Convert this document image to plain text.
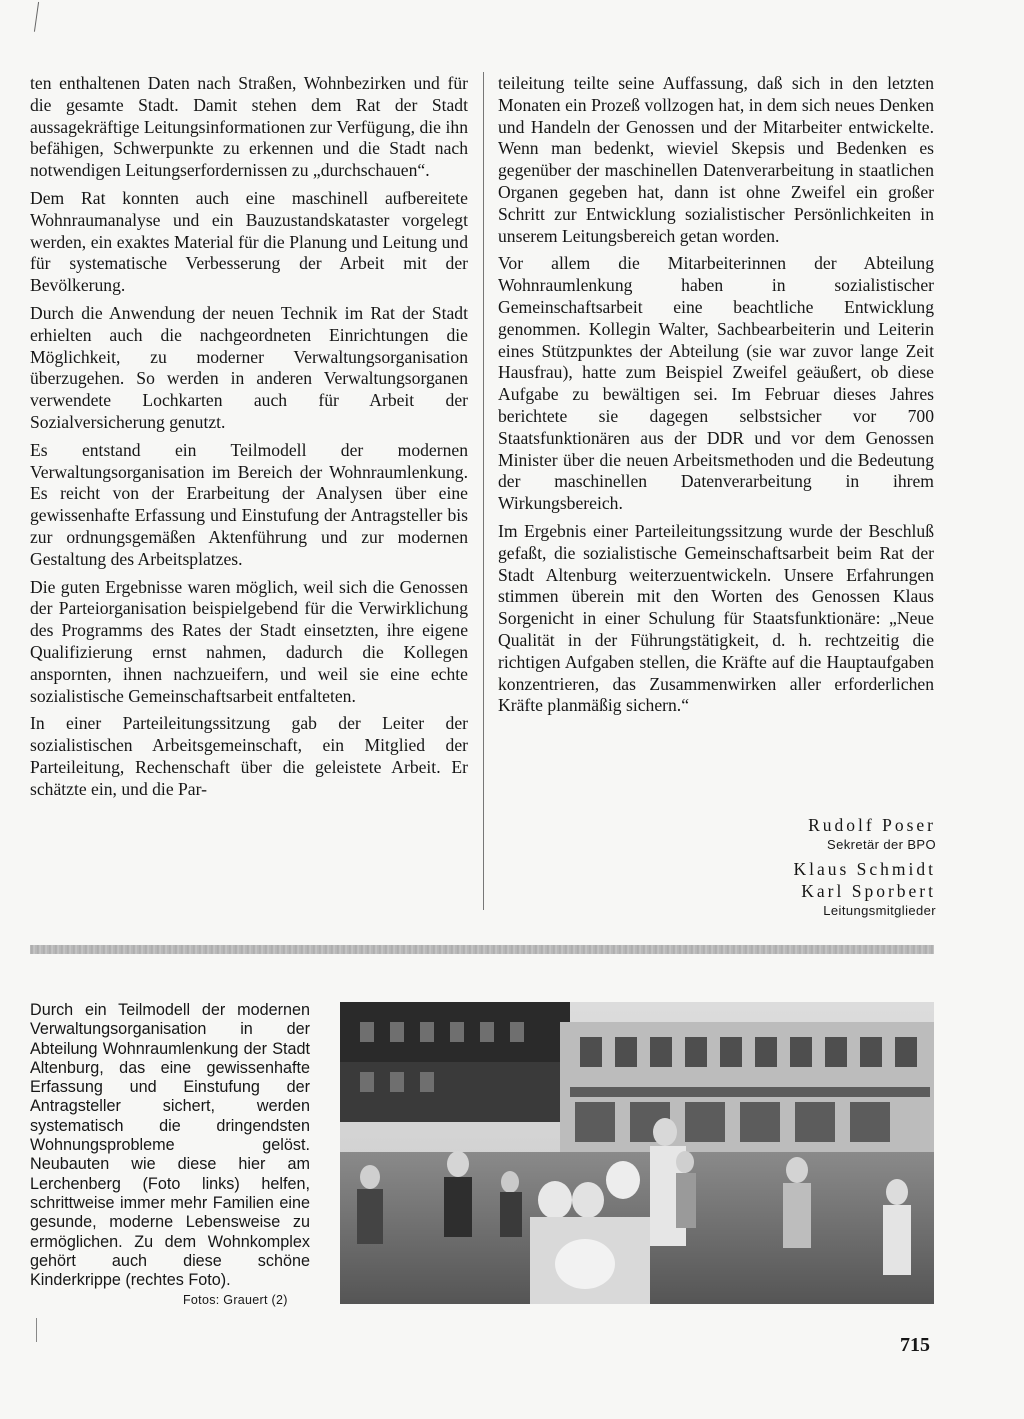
ten enthaltenen Daten nach Straßen, Wohnbezirken und für die gesamte Stadt. Damit stehen dem Rat der Stadt aussagekräftige Leitungsinformationen zur Verfügung, die ihn befähigen, Schwerpunkte zu erkennen und die Stadt nach notwendigen Leitungserfordernissen zu „durchschauen“.

Dem Rat konnten auch eine maschinell aufbereitete Wohnraumanalyse und ein Bauzustandskataster vorgelegt werden, ein exaktes Material für die Planung und Leitung und für systematische Verbesserung der Arbeit mit der Bevölkerung.

Durch die Anwendung der neuen Technik im Rat der Stadt erhielten auch die nachgeordneten Einrichtungen die Möglichkeit, zu moderner Verwaltungsorganisation überzugehen. So werden in anderen Verwaltungsorganen verwendete Lochkarten auch für Arbeit der Sozialversicherung genutzt.

Es entstand ein Teilmodell der modernen Verwaltungsorganisation im Bereich der Wohnraumlenkung. Es reicht von der Erarbeitung der Analysen über eine gewissenhafte Erfassung und Einstufung der Antragsteller bis zur ordnungsgemäßen Aktenführung und zur modernen Gestaltung des Arbeitsplatzes.

Die guten Ergebnisse waren möglich, weil sich die Genossen der Parteiorganisation beispielgebend für die Verwirklichung des Programms des Rates der Stadt einsetzten, ihre eigene Qualifizierung ernst nahmen, dadurch die Kollegen anspornten, ihnen nachzueifern, und weil sie eine echte sozialistische Gemeinschaftsarbeit entfalteten.

In einer Parteileitungssitzung gab der Leiter der sozialistischen Arbeitsgemeinschaft, ein Mitglied der Parteileitung, Rechenschaft über die geleistete Arbeit. Er schätzte ein, und die Par-

teileitung teilte seine Auffassung, daß sich in den letzten Monaten ein Prozeß vollzogen hat, in dem sich neues Denken und Handeln der Genossen und der Mitarbeiter entwickelte. Wenn man bedenkt, wieviel Skepsis und Bedenken es gegenüber der maschinellen Datenverarbeitung in staatlichen Organen gegeben hat, dann ist ohne Zweifel ein großer Schritt zur Entwicklung sozialistischer Persönlichkeiten in unserem Leitungsbereich getan worden.

Vor allem die Mitarbeiterinnen der Abteilung Wohnraumlenkung haben in sozialistischer Gemeinschaftsarbeit eine beachtliche Entwicklung genommen. Kollegin Walter, Sachbearbeiterin und Leiterin eines Stützpunktes der Abteilung (sie war zuvor lange Zeit Hausfrau), hatte zum Beispiel Zweifel geäußert, ob diese Aufgabe zu bewältigen sei. Im Februar dieses Jahres berichtete sie dagegen selbstsicher vor 700 Staatsfunktionären aus der DDR und vor dem Genossen Minister über die neuen Arbeitsmethoden und die Bedeutung der maschinellen Datenverarbeitung in ihrem Wirkungsbereich.

Im Ergebnis einer Parteileitungssitzung wurde der Beschluß gefaßt, die sozialistische Gemeinschaftsarbeit beim Rat der Stadt Altenburg weiterzuentwickeln. Unsere Erfahrungen stimmen überein mit den Worten des Genossen Klaus Sorgenicht in einer Schulung für Staatsfunktionäre: „Neue Qualität in der Führungstätigkeit, d. h. rechtzeitig die richtigen Aufgaben stellen, die Kräfte auf die Hauptaufgaben konzentrieren, das Zusammenwirken aller erforderlichen Kräfte planmäßig sichern.“

Rudolf Poser
Sekretär der BPO
Klaus Schmidt
Karl Sporbert
Leitungsmitglieder
Durch ein Teilmodell der modernen Verwaltungsorganisation in der Abteilung Wohnraumlenkung der Stadt Altenburg, das eine gewissenhafte Erfassung und Einstufung der Antragsteller sichert, werden systematisch die dringendsten Wohnungsprobleme gelöst. Neubauten wie diese hier am Lerchenberg (Foto links) helfen, schrittweise immer mehr Familien eine gesunde, moderne Lebensweise zu ermöglichen. Zu dem Wohnkomplex gehört auch diese schöne Kinderkrippe (rechtes Foto).
Fotos: Grauert (2)
715
